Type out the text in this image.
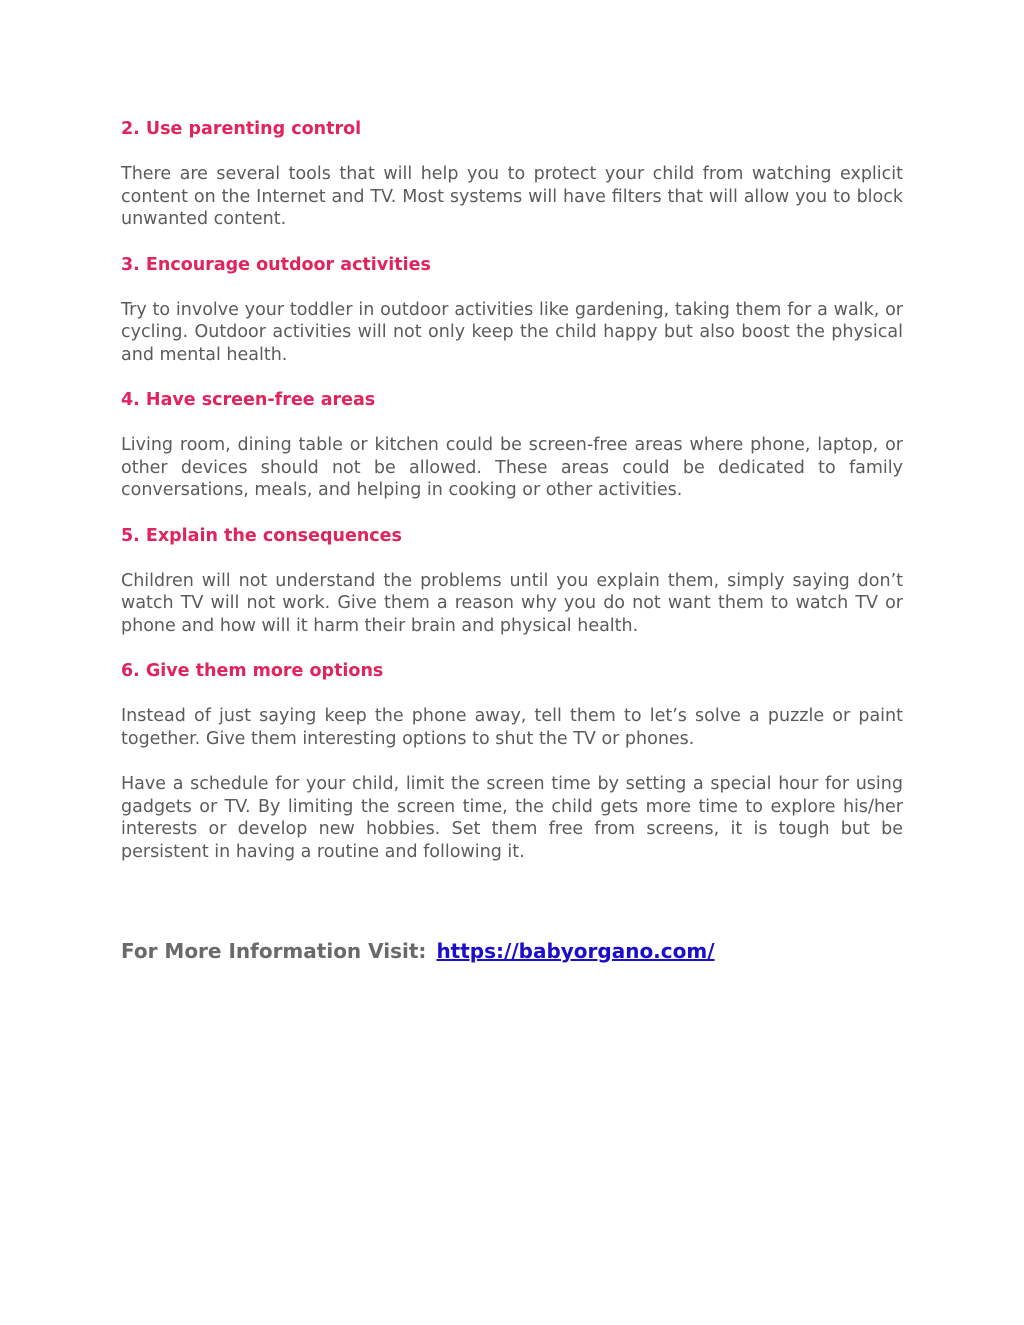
2. Use parenting control

There are several tools that will help you to protect your child from watching explicit content on the Internet and TV. Most systems will have filters that will allow you to block unwanted content.

3. Encourage outdoor activities

Try to involve your toddler in outdoor activities like gardening, taking them for a walk, or cycling. Outdoor activities will not only keep the child happy but also boost the physical and mental health.

4. Have screen-free areas

Living room, dining table or kitchen could be screen-free areas where phone, laptop, or other devices should not be allowed. These areas could be dedicated to family conversations, meals, and helping in cooking or other activities.

5. Explain the consequences

Children will not understand the problems until you explain them, simply saying don’t watch TV will not work. Give them a reason why you do not want them to watch TV or phone and how will it harm their brain and physical health.

6. Give them more options

Instead of just saying keep the phone away, tell them to let’s solve a puzzle or paint together. Give them interesting options to shut the TV or phones.

Have a schedule for your child, limit the screen time by setting a special hour for using gadgets or TV. By limiting the screen time, the child gets more time to explore his/her interests or develop new hobbies. Set them free from screens, it is tough but be persistent in having a routine and following it.

For More Information Visit: https://babyorgano.com/
